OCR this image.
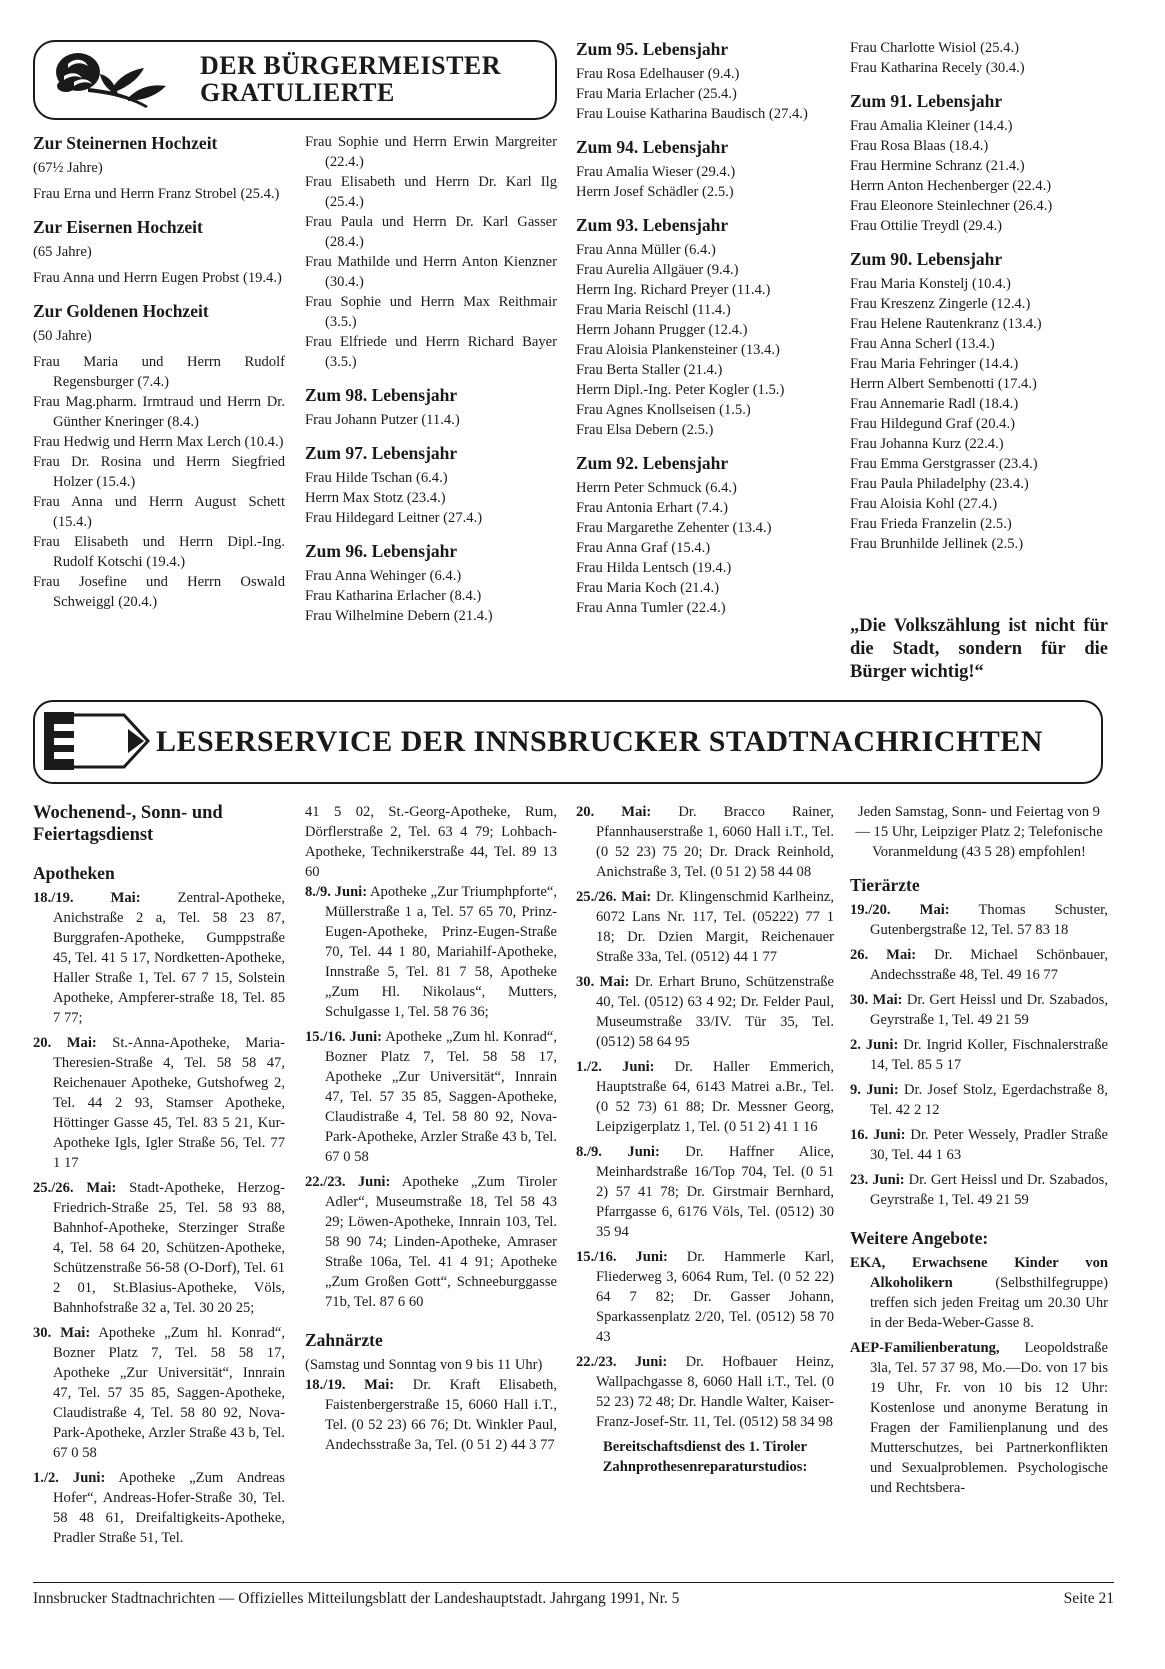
DER BÜRGERMEISTER
GRATULIERTE
Zur Steinernen Hochzeit

(67½ Jahre)

Frau Erna und Herrn Franz Strobel (25.4.)

Zur Eisernen Hochzeit

(65 Jahre)

Frau Anna und Herrn Eugen Probst (19.4.)

Zur Goldenen Hochzeit

(50 Jahre)

Frau Maria und Herrn Rudolf Regensburger (7.4.)

Frau Mag.pharm. Irmtraud und Herrn Dr. Günther Kneringer (8.4.)

Frau Hedwig und Herrn Max Lerch (10.4.)

Frau Dr. Rosina und Herrn Siegfried Holzer (15.4.)

Frau Anna und Herrn August Schett (15.4.)

Frau Elisabeth und Herrn Dipl.-Ing. Rudolf Kotschi (19.4.)

Frau Josefine und Herrn Oswald Schweiggl (20.4.)

Frau Sophie und Herrn Erwin Margreiter (22.4.)

Frau Elisabeth und Herrn Dr. Karl Ilg (25.4.)

Frau Paula und Herrn Dr. Karl Gasser (28.4.)

Frau Mathilde und Herrn Anton Kienzner (30.4.)

Frau Sophie und Herrn Max Reithmair (3.5.)

Frau Elfriede und Herrn Richard Bayer (3.5.)

Zum 98. Lebensjahr

Frau Johann Putzer (11.4.)

Zum 97. Lebensjahr

Frau Hilde Tschan (6.4.)

Herrn Max Stotz (23.4.)

Frau Hildegard Leitner (27.4.)

Zum 96. Lebensjahr

Frau Anna Wehinger (6.4.)

Frau Katharina Erlacher (8.4.)

Frau Wilhelmine Debern (21.4.)

Zum 95. Lebensjahr

Frau Rosa Edelhauser (9.4.)

Frau Maria Erlacher (25.4.)

Frau Louise Katharina Baudisch (27.4.)

Zum 94. Lebensjahr

Frau Amalia Wieser (29.4.)

Herrn Josef Schädler (2.5.)

Zum 93. Lebensjahr

Frau Anna Müller (6.4.)

Frau Aurelia Allgäuer (9.4.)

Herrn Ing. Richard Preyer (11.4.)

Frau Maria Reischl (11.4.)

Herrn Johann Prugger (12.4.)

Frau Aloisia Plankensteiner (13.4.)

Frau Berta Staller (21.4.)

Herrn Dipl.-Ing. Peter Kogler (1.5.)

Frau Agnes Knollseisen (1.5.)

Frau Elsa Debern (2.5.)

Zum 92. Lebensjahr

Herrn Peter Schmuck (6.4.)

Frau Antonia Erhart (7.4.)

Frau Margarethe Zehenter (13.4.)

Frau Anna Graf (15.4.)

Frau Hilda Lentsch (19.4.)

Frau Maria Koch (21.4.)

Frau Anna Tumler (22.4.)

Frau Charlotte Wisiol (25.4.)

Frau Katharina Recely (30.4.)

Zum 91. Lebensjahr

Frau Amalia Kleiner (14.4.)

Frau Rosa Blaas (18.4.)

Frau Hermine Schranz (21.4.)

Herrn Anton Hechenberger (22.4.)

Frau Eleonore Steinlechner (26.4.)

Frau Ottilie Treydl (29.4.)

Zum 90. Lebensjahr

Frau Maria Konstelj (10.4.)

Frau Kreszenz Zingerle (12.4.)

Frau Helene Rautenkranz (13.4.)

Frau Anna Scherl (13.4.)

Frau Maria Fehringer (14.4.)

Herrn Albert Sembenotti (17.4.)

Frau Annemarie Radl (18.4.)

Frau Hildegund Graf (20.4.)

Frau Johanna Kurz (22.4.)

Frau Emma Gerstgrasser (23.4.)

Frau Paula Philadelphy (23.4.)

Frau Aloisia Kohl (27.4.)

Frau Frieda Franzelin (2.5.)

Frau Brunhilde Jellinek (2.5.)

„Die Volkszählung ist nicht für die Stadt, sondern für die Bürger wichtig!“
LESERSERVICE DER INNSBRUCKER STADTNACHRICHTEN
Wochenend-, Sonn- und Feiertagsdienst
Apotheken

18./19. Mai: Zentral-Apotheke, Anichstraße 2 a, Tel. 58 23 87, Burggrafen-Apotheke, Gumppstraße 45, Tel. 41 5 17, Nordketten-Apotheke, Haller Straße 1, Tel. 67 7 15, Solstein Apotheke, Ampferer-straße 18, Tel. 85 7 77;

20. Mai: St.-Anna-Apotheke, Maria-Theresien-Straße 4, Tel. 58 58 47, Reichenauer Apotheke, Gutshofweg 2, Tel. 44 2 93, Stamser Apotheke, Höttinger Gasse 45, Tel. 83 5 21, Kur-Apotheke Igls, Igler Straße 56, Tel. 77 1 17

25./26. Mai: Stadt-Apotheke, Herzog-Friedrich-Straße 25, Tel. 58 93 88, Bahnhof-Apotheke, Sterzinger Straße 4, Tel. 58 64 20, Schützen-Apotheke, Schützenstraße 56-58 (O-Dorf), Tel. 61 2 01, St.Blasius-Apotheke, Völs, Bahnhofstraße 32 a, Tel. 30 20 25;

30. Mai: Apotheke „Zum hl. Konrad“, Bozner Platz 7, Tel. 58 58 17, Apotheke „Zur Universität“, Innrain 47, Tel. 57 35 85, Saggen-Apotheke, Claudistraße 4, Tel. 58 80 92, Nova-Park-Apotheke, Arzler Straße 43 b, Tel. 67 0 58

1./2. Juni: Apotheke „Zum Andreas Hofer“, Andreas-Hofer-Straße 30, Tel. 58 48 61, Dreifaltigkeits-Apotheke, Pradler Straße 51, Tel.

41 5 02, St.-Georg-Apotheke, Rum, Dörflerstraße 2, Tel. 63 4 79; Lohbach-Apotheke, Technikerstraße 44, Tel. 89 13 60

8./9. Juni: Apotheke „Zur Triumphpforte“, Müllerstraße 1 a, Tel. 57 65 70, Prinz-Eugen-Apotheke, Prinz-Eugen-Straße 70, Tel. 44 1 80, Mariahilf-Apotheke, Innstraße 5, Tel. 81 7 58, Apotheke „Zum Hl. Nikolaus“, Mutters, Schulgasse 1, Tel. 58 76 36;

15./16. Juni: Apotheke „Zum hl. Konrad“, Bozner Platz 7, Tel. 58 58 17, Apotheke „Zur Universität“, Innrain 47, Tel. 57 35 85, Saggen-Apotheke, Claudistraße 4, Tel. 58 80 92, Nova-Park-Apotheke, Arzler Straße 43 b, Tel. 67 0 58

22./23. Juni: Apotheke „Zum Tiroler Adler“, Museumstraße 18, Tel 58 43 29; Löwen-Apotheke, Innrain 103, Tel. 58 90 74; Linden-Apotheke, Amraser Straße 106a, Tel. 41 4 91; Apotheke „Zum Großen Gott“, Schneeburggasse 71b, Tel. 87 6 60

Zahnärzte

(Samstag und Sonntag von 9 bis 11 Uhr)

18./19. Mai: Dr. Kraft Elisabeth, Faistenbergerstraße 15, 6060 Hall i.T., Tel. (0 52 23) 66 76; Dt. Winkler Paul, Andechsstraße 3a, Tel. (0 51 2) 44 3 77

20. Mai: Dr. Bracco Rainer, Pfannhauserstraße 1, 6060 Hall i.T., Tel. (0 52 23) 75 20; Dr. Drack Reinhold, Anichstraße 3, Tel. (0 51 2) 58 44 08

25./26. Mai: Dr. Klingenschmid Karlheinz, 6072 Lans Nr. 117, Tel. (05222) 77 1 18; Dr. Dzien Margit, Reichenauer Straße 33a, Tel. (0512) 44 1 77

30. Mai: Dr. Erhart Bruno, Schützenstraße 40, Tel. (0512) 63 4 92; Dr. Felder Paul, Museumstraße 33/IV. Tür 35, Tel. (0512) 58 64 95

1./2. Juni: Dr. Haller Emmerich, Hauptstraße 64, 6143 Matrei a.Br., Tel. (0 52 73) 61 88; Dr. Messner Georg, Leipzigerplatz 1, Tel. (0 51 2) 41 1 16

8./9. Juni: Dr. Haffner Alice, Meinhardstraße 16/Top 704, Tel. (0 51 2) 57 41 78; Dr. Girstmair Bernhard, Pfarrgasse 6, 6176 Völs, Tel. (0512) 30 35 94

15./16. Juni: Dr. Hammerle Karl, Fliederweg 3, 6064 Rum, Tel. (0 52 22) 64 7 82; Dr. Gasser Johann, Sparkassenplatz 2/20, Tel. (0512) 58 70 43

22./23. Juni: Dr. Hofbauer Heinz, Wallpachgasse 8, 6060 Hall i.T., Tel. (0 52 23) 72 48; Dr. Handle Walter, Kaiser-Franz-Josef-Str. 11, Tel. (0512) 58 34 98

Bereitschaftsdienst des 1. Tiroler Zahnprothesenreparaturstudios:

Jeden Samstag, Sonn- und Feiertag von 9 — 15 Uhr, Leipziger Platz 2; Telefonische Voranmeldung (43 5 28) empfohlen!

Tierärzte

19./20. Mai: Thomas Schuster, Gutenbergstraße 12, Tel. 57 83 18

26. Mai: Dr. Michael Schönbauer, Andechsstraße 48, Tel. 49 16 77

30. Mai: Dr. Gert Heissl und Dr. Szabados, Geyrstraße 1, Tel. 49 21 59

2. Juni: Dr. Ingrid Koller, Fischnalerstraße 14, Tel. 85 5 17

9. Juni: Dr. Josef Stolz, Egerdachstraße 8, Tel. 42 2 12

16. Juni: Dr. Peter Wessely, Pradler Straße 30, Tel. 44 1 63

23. Juni: Dr. Gert Heissl und Dr. Szabados, Geyrstraße 1, Tel. 49 21 59

Weitere Angebote:

EKA, Erwachsene Kinder von Alkoholikern (Selbsthilfegruppe) treffen sich jeden Freitag um 20.30 Uhr in der Beda-Weber-Gasse 8.

AEP-Familienberatung, Leopoldstraße 3la, Tel. 57 37 98, Mo.—Do. von 17 bis 19 Uhr, Fr. von 10 bis 12 Uhr: Kostenlose und anonyme Beratung in Fragen der Familienplanung und des Mutterschutzes, bei Partnerkonflikten und Sexualproblemen. Psychologische und Rechtsbera-

Innsbrucker Stadtnachrichten — Offizielles Mitteilungsblatt der Landeshauptstadt. Jahrgang 1991, Nr. 5	Seite 21
